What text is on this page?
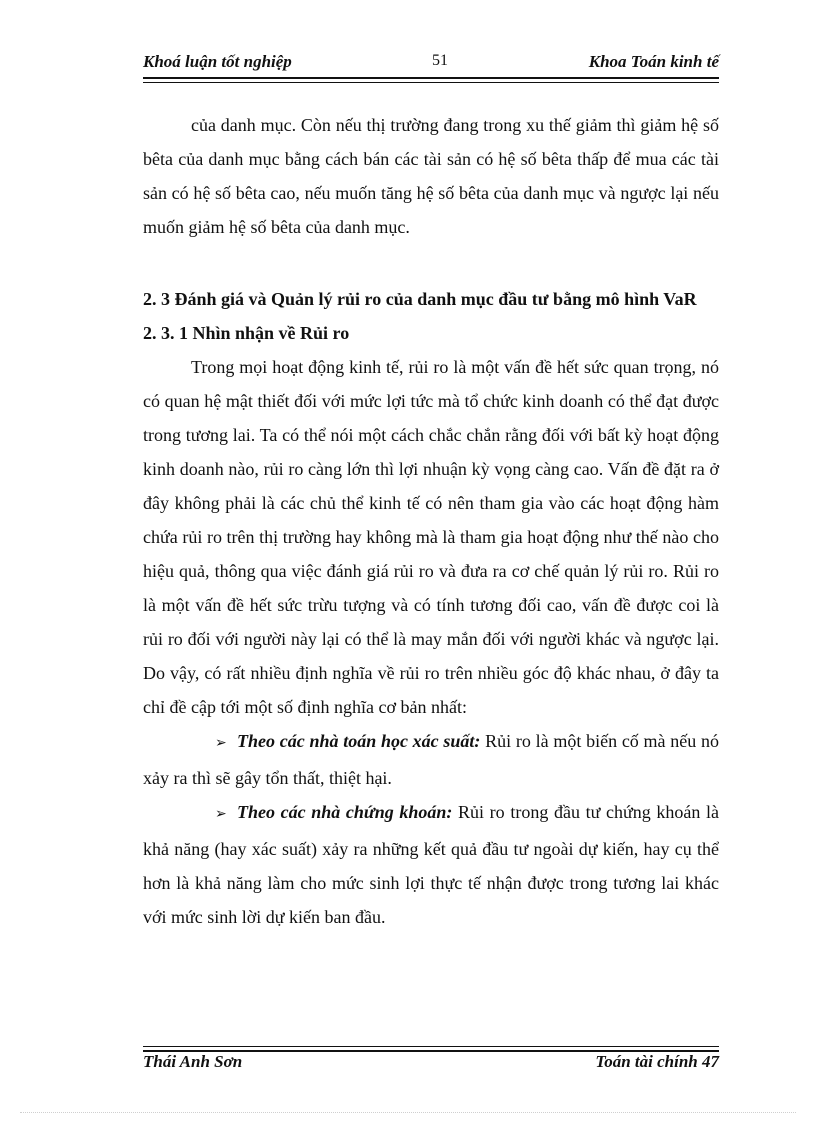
Khoá luận tốt nghiệp	51	Khoa Toán kinh tế

của danh mục. Còn nếu thị trường đang trong xu thế giảm thì giảm hệ số bêta của danh mục bằng cách bán các tài sản có hệ số bêta thấp để mua các tài sản có hệ số bêta cao, nếu muốn tăng hệ số bêta của danh mục và ngược lại nếu muốn giảm hệ số bêta của danh mục.

2. 3 Đánh giá và Quản lý rủi ro của danh mục đầu tư bằng mô hình VaR

2. 3. 1 Nhìn nhận về Rủi ro

Trong mọi hoạt động kinh tế, rủi ro là một vấn đề hết sức quan trọng, nó có quan hệ mật thiết đối với mức lợi tức mà tổ chức kinh doanh có thể đạt được trong tương lai. Ta có thể nói một cách chắc chắn rằng đối với bất kỳ hoạt động kinh doanh nào, rủi ro càng lớn thì lợi nhuận kỳ vọng càng cao. Vấn đề đặt ra ở đây không phải là các chủ thể kinh tế có nên tham gia vào các hoạt động hàm chứa rủi ro trên thị trường hay không mà là tham gia hoạt động như thế nào cho hiệu quả, thông qua việc đánh giá rủi ro và đưa ra cơ chế quản lý rủi ro. Rủi ro là một vấn đề hết sức trừu tượng và có tính tương đối cao, vấn đề được coi là rủi ro đối với người này lại có thể là may mắn đối với người khác và ngược lại. Do vậy, có rất nhiều định nghĩa về rủi ro trên nhiều góc độ khác nhau, ở đây ta chỉ đề cập tới một số định nghĩa cơ bản nhất:

➢ Theo các nhà toán học xác suất: Rủi ro là một biến cố mà nếu nó xảy ra thì sẽ gây tổn thất, thiệt hại.

➢ Theo các nhà chứng khoán: Rủi ro trong đầu tư chứng khoán là khả năng (hay xác suất) xảy ra những kết quả đầu tư ngoài dự kiến, hay cụ thể hơn là khả năng làm cho mức sinh lợi thực tế nhận được trong tương lai khác với mức sinh lời dự kiến ban đầu.

Thái Anh Sơn	Toán tài chính 47
